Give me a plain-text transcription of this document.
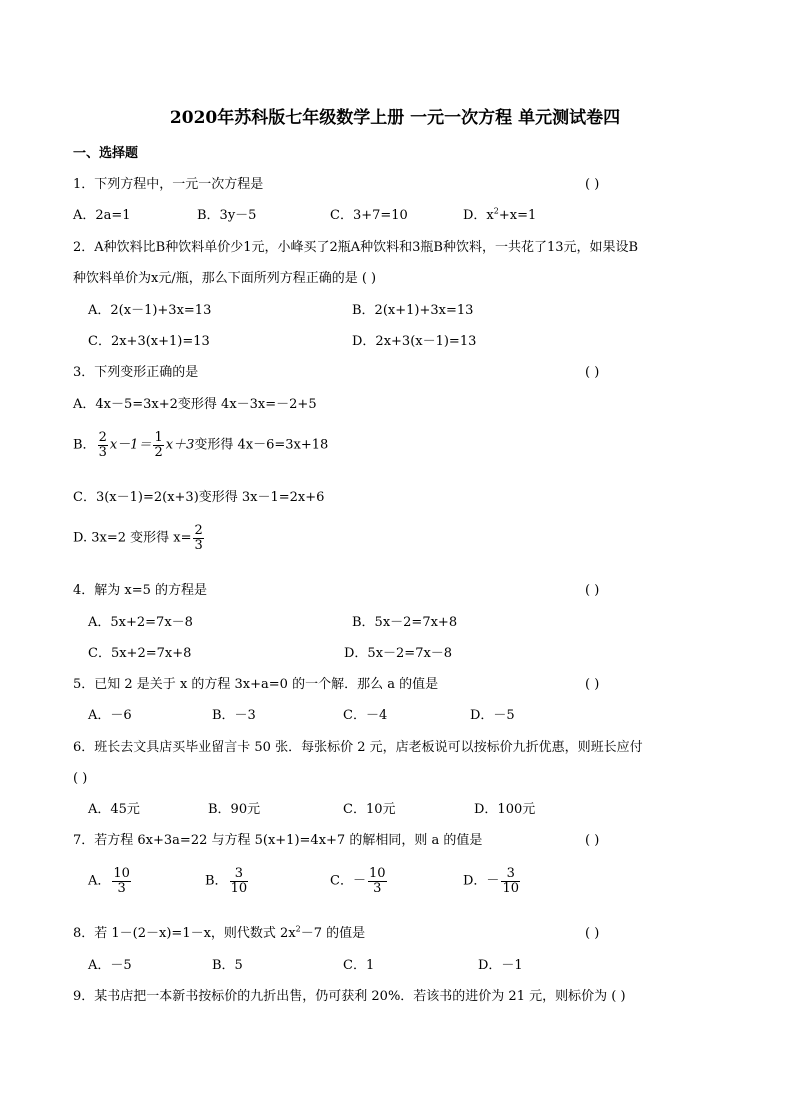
2020年苏科版七年级数学上册 一元一次方程 单元测试卷四
一、选择题
1．下列方程中，一元一次方程是	( )
A．2a=1	B．3y－5	C．3+7=10	D．$x^2+x=1$
2．A种饮料比B种饮料单价少1元，小峰买了2瓶A种饮料和3瓶B种饮料，一共花了13元，如果设B
种饮料单价为x元/瓶，那么下面所列方程正确的是 ( )
A．2(x－1)+3x=13	B．2(x+1)+3x=13
C．2x+3(x+1)=13	D．2x+3(x－1)=13
3．下列变形正确的是	( )
A．4x－5=3x+2变形得 4x－3x=－2+5
B． $\frac{2}{3} x-1= \frac{1}{2} x+3$变形得 4x－6=3x+18
C．3(x－1)=2(x+3)变形得 3x－1=2x+6
D. 3x=2 变形得 $x= \frac{2}{3}$
4．解为 x=5 的方程是	( )
A．5x+2=7x－8	B．5x－2=7x+8
C．5x+2=7x+8	D．5x－2=7x－8
5．已知 2 是关于 x 的方程 3x+a=0 的一个解．那么 a 的值是	( )
A．－6	B．－3	C．－4	D．－5
6．班长去文具店买毕业留言卡 50 张．每张标价 2 元，店老板说可以按标价九折优惠，则班长应付
( )
A．45元	B．90元	C．10元	D．100元
7．若方程 6x+3a=22 与方程 5(x+1)=4x+7 的解相同，则 a 的值是	( )
A． $\frac{10}{3}$	B． $\frac{3}{10}$	C．－ $\frac{10}{3}$	D．－ $\frac{3}{10}$
8．若 1－(2－x)=1－x，则代数式 $2x^2-7$ 的值是	( )
A．－5	B．5	C．1	D．－1
9．某书店把一本新书按标价的九折出售，仍可获利 20%．若该书的进价为 21 元，则标价为 ( )
